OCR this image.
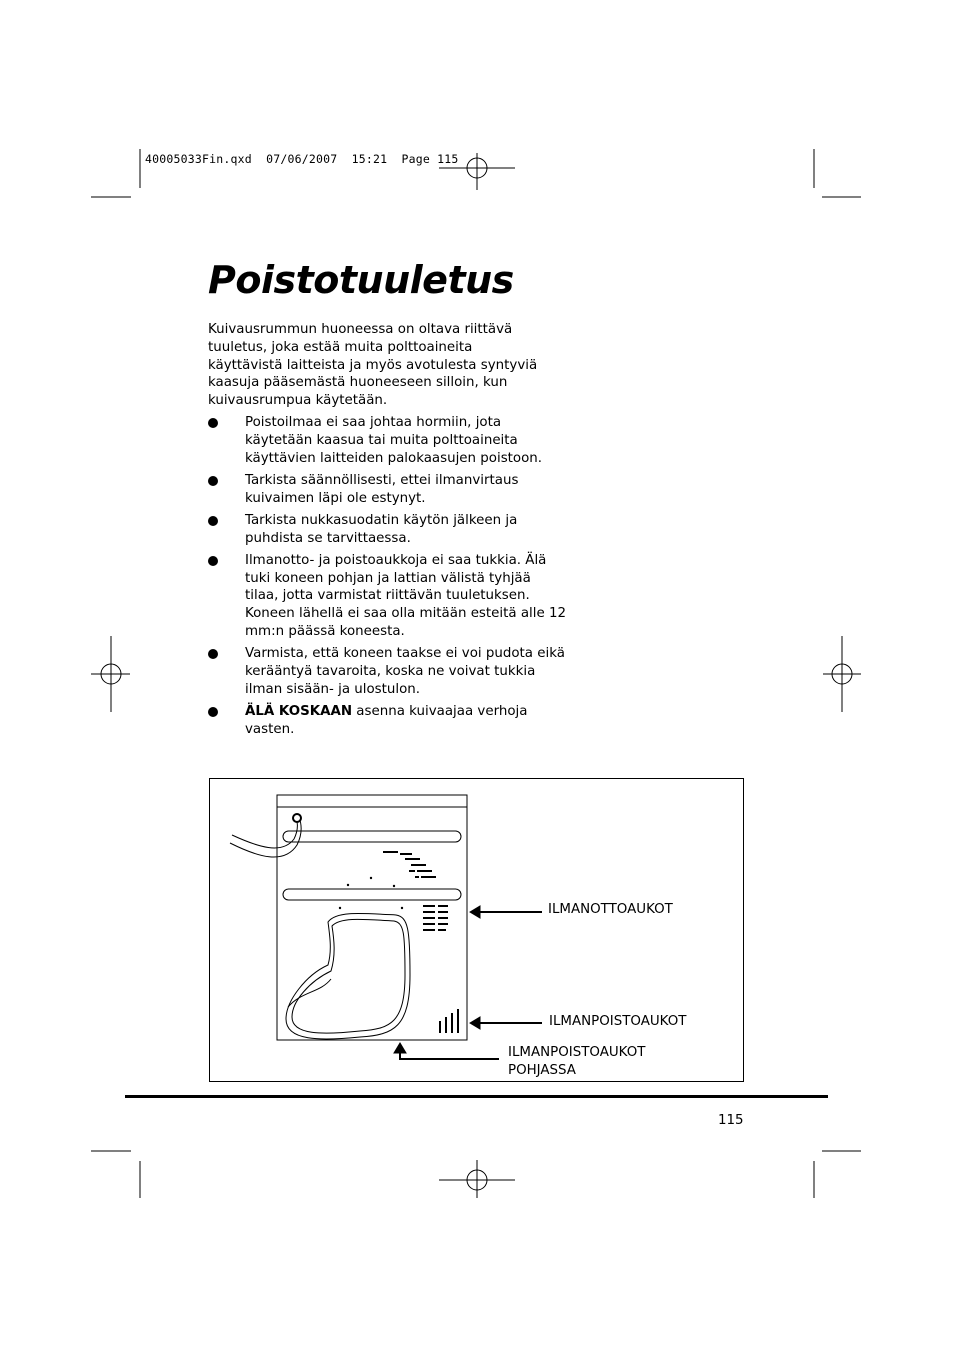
40005033Fin.qxd  07/06/2007  15:21  Page 115
Poistotuuletus

Kuivausrummun huoneessa on oltava riittävä tuuletus, joka estää muita polttoaineita käyttävistä laitteista ja myös avotulesta syntyviä kaasuja pääsemästä huoneeseen silloin, kun kuivausrumpua käytetään.

Poistoilmaa ei saa johtaa hormiin, jota käytetään kaasua tai muita polttoaineita käyttävien laitteiden palokaasujen poistoon.
Tarkista säännöllisesti, ettei ilmanvirtaus kuivaimen läpi ole estynyt.
Tarkista nukkasuodatin käytön jälkeen ja puhdista se tarvittaessa.
Ilmanotto- ja poistoaukkoja ei saa tukkia. Älä tuki koneen pohjan ja lattian välistä tyhjää tilaa, jotta varmistat riittävän tuuletuksen. Koneen lähellä ei saa olla mitään esteitä alle 12 mm:n päässä koneesta.
Varmista, että koneen taakse ei voi pudota eikä kerääntyä tavaroita, koska ne voivat tukkia ilman sisään- ja ulostulon.
ÄLÄ KOSKAAN asenna kuivaajaa verhoja vasten.
ILMANOTTOAUKOT
ILMANPOISTOAUKOT
ILMANPOISTOAUKOT
POHJASSA
115
